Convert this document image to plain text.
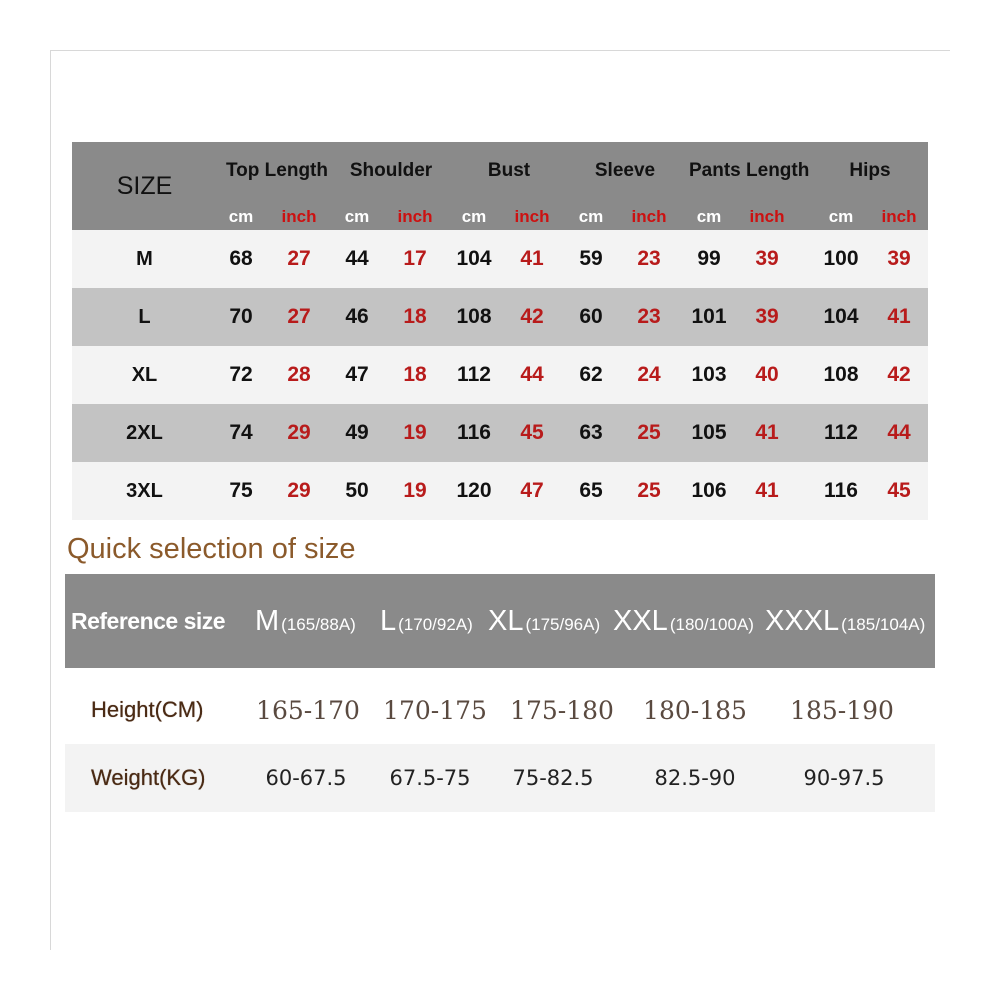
SIZE
Top Length
cm	inch
Shoulder
cm	inch
Bust
cm	inch
Sleeve
cm	inch
Pants Length
cm	inch
Hips
cm	inch
M	68	27	44	17	104	41	59	23	99	39	100	39
L	70	27	46	18	108	42	60	23	101	39	104	41
XL	72	28	47	18	112	44	62	24	103	40	108	42
2XL	74	29	49	19	116	45	63	25	105	41	112	44
3XL	75	29	50	19	120	47	65	25	106	41	116	45
Quick selection of size
Reference size M (165/88A) L (170/92A) XL (175/96A) XXL (180/100A) XXXL (185/104A)
Height(CM)	165-170 170-175 175-180	180-185	185-190
Weight(KG)	60-67.5	67.5-75	75-82.5	82.5-90	90-97.5
